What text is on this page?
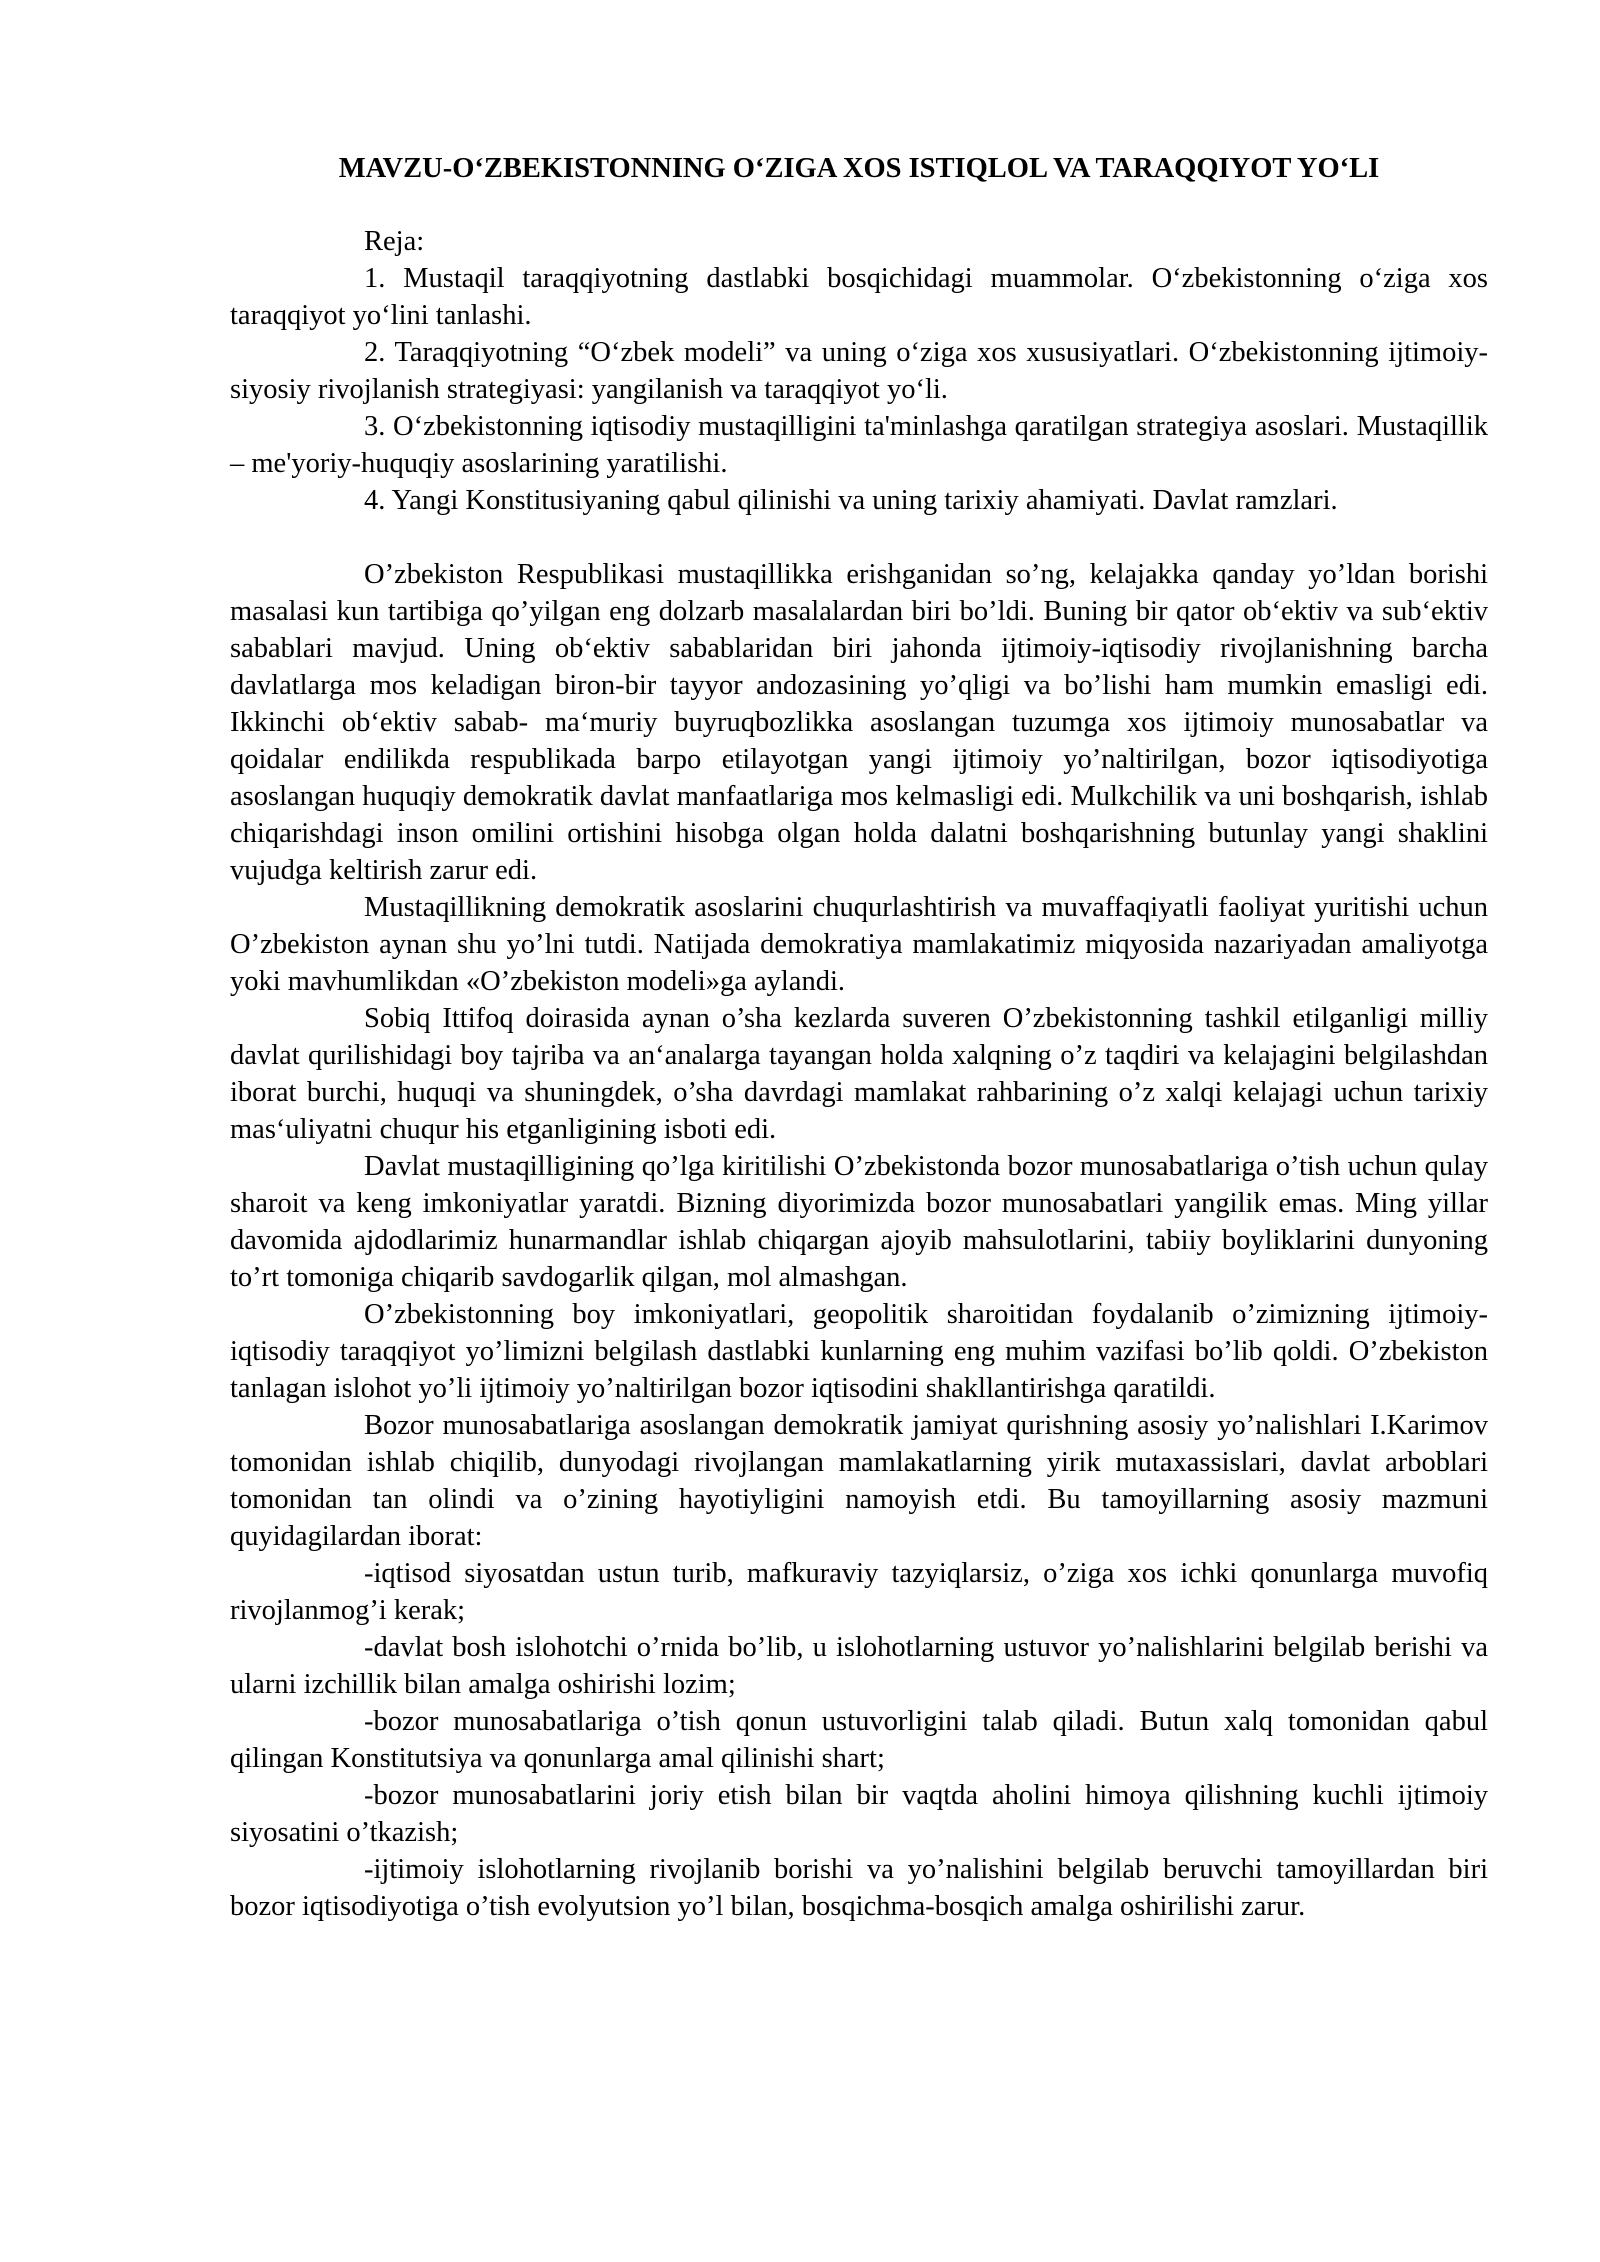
MAVZU-O‘ZBEKISTONNING O‘ZIGA XOS ISTIQLOL VA TARAQQIYOT YO‘LI
Reja:

1. Mustaqil taraqqiyotning dastlabki bosqichidagi muammolar. O‘zbekistonning o‘ziga xos taraqqiyot yo‘lini tanlashi.

2. Taraqqiyotning “O‘zbek modeli” va uning o‘ziga xos xususiyatlari. O‘zbekistonning ijtimoiy-siyosiy rivojlanish strategiyasi: yangilanish va taraqqiyot yo‘li.

3. O‘zbekistonning iqtisodiy mustaqilligini ta'minlashga qaratilgan strategiya asoslari. Mustaqillik – me'yoriy-huquqiy asoslarining yaratilishi.

4. Yangi Konstitusiyaning qabul qilinishi va uning tarixiy ahamiyati. Davlat ramzlari.

O’zbekiston Respublikasi mustaqillikka erishganidan so’ng, kelajakka qanday yo’ldan borishi masalasi kun tartibiga qo’yilgan eng dolzarb masalalardan biri bo’ldi. Buning bir qator ob‘ektiv va sub‘ektiv sabablari mavjud. Uning ob‘ektiv sabablaridan biri jahonda ijtimoiy-iqtisodiy rivojlanishning barcha davlatlarga mos keladigan biron-bir tayyor andozasining yo’qligi va bo’lishi ham mumkin emasligi edi. Ikkinchi ob‘ektiv sabab- ma‘muriy buyruqbozlikka asoslangan tuzumga xos ijtimoiy munosabatlar va qoidalar endilikda respublikada barpo etilayotgan yangi ijtimoiy yo’naltirilgan, bozor iqtisodiyotiga asoslangan huquqiy demokratik davlat manfaatlariga mos kelmasligi edi. Mulkchilik va uni boshqarish, ishlab chiqarishdagi inson omilini ortishini hisobga olgan holda dalatni boshqarishning butunlay yangi shaklini vujudga keltirish zarur edi.

Mustaqillikning demokratik asoslarini chuqurlashtirish va muvaffaqiyatli faoliyat yuritishi uchun O’zbekiston aynan shu yo’lni tutdi. Natijada demokratiya mamlakatimiz miqyosida nazariyadan amaliyotga yoki mavhumlikdan «O’zbekiston modeli»ga aylandi.

Sobiq Ittifoq doirasida aynan o’sha kezlarda suveren O’zbekistonning tashkil etilganligi milliy davlat qurilishidagi boy tajriba va an‘analarga tayangan holda xalqning o’z taqdiri va kelajagini belgilashdan iborat burchi, huquqi va shuningdek, o’sha davrdagi mamlakat rahbarining o’z xalqi kelajagi uchun tarixiy mas‘uliyatni chuqur his etganligining isboti edi.

Davlat mustaqilligining qo’lga kiritilishi O’zbekistonda bozor munosabatlariga o’tish uchun qulay sharoit va keng imkoniyatlar yaratdi. Bizning diyorimizda bozor munosabatlari yangilik emas. Ming yillar davomida ajdodlarimiz hunarmandlar ishlab chiqargan ajoyib mahsulotlarini, tabiiy boyliklarini dunyoning to’rt tomoniga chiqarib savdogarlik qilgan, mol almashgan.

O’zbekistonning boy imkoniyatlari, geopolitik sharoitidan foydalanib o’zimizning ijtimoiy-iqtisodiy taraqqiyot yo’limizni belgilash dastlabki kunlarning eng muhim vazifasi bo’lib qoldi. O’zbekiston tanlagan islohot yo’li ijtimoiy yo’naltirilgan bozor iqtisodini shakllantirishga qaratildi.

Bozor munosabatlariga asoslangan demokratik jamiyat qurishning asosiy yo’nalishlari I.Karimov tomonidan ishlab chiqilib, dunyodagi rivojlangan mamlakatlarning yirik mutaxassislari, davlat arboblari tomonidan tan olindi va o’zining hayotiyligini namoyish etdi. Bu tamoyillarning asosiy mazmuni quyidagilardan iborat:

-iqtisod siyosatdan ustun turib, mafkuraviy tazyiqlarsiz, o’ziga xos ichki qonunlarga muvofiq rivojlanmog’i kerak;

-davlat bosh islohotchi o’rnida bo’lib, u islohotlarning ustuvor yo’nalishlarini belgilab berishi va ularni izchillik bilan amalga oshirishi lozim;

-bozor munosabatlariga o’tish qonun ustuvorligini talab qiladi. Butun xalq tomonidan qabul qilingan Konstitutsiya va qonunlarga amal qilinishi shart;

-bozor munosabatlarini joriy etish bilan bir vaqtda aholini himoya qilishning kuchli ijtimoiy siyosatini o’tkazish;

-ijtimoiy islohotlarning rivojlanib borishi va yo’nalishini belgilab beruvchi tamoyillardan biri bozor iqtisodiyotiga o’tish evolyutsion yo’l bilan, bosqichma-bosqich amalga oshirilishi zarur.
